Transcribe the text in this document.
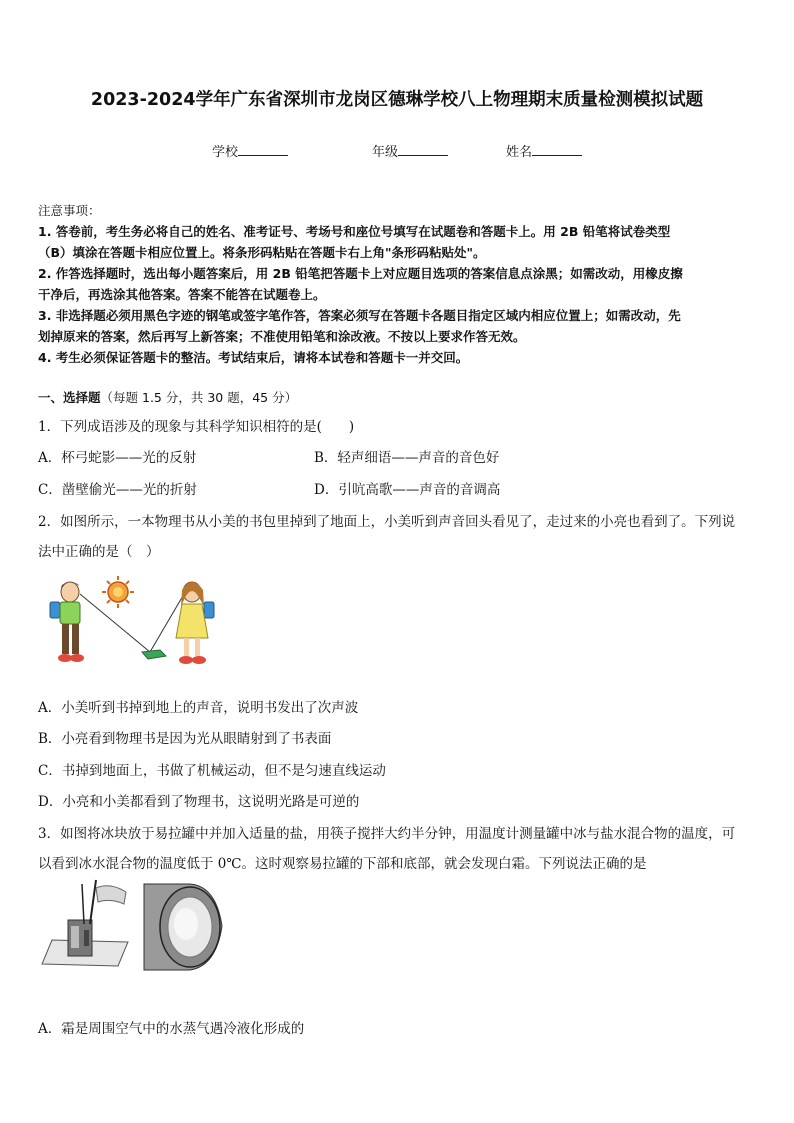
2023-2024学年广东省深圳市龙岗区德琳学校八上物理期末质量检测模拟试题
学校	年级	姓名
注意事项：
1. 答卷前，考生务必将自己的姓名、准考证号、考场号和座位号填写在试题卷和答题卡上。用 2B 铅笔将试卷类型
（B）填涂在答题卡相应位置上。将条形码粘贴在答题卡右上角"条形码粘贴处"。
2. 作答选择题时，选出每小题答案后，用 2B 铅笔把答题卡上对应题目选项的答案信息点涂黑；如需改动，用橡皮擦
干净后，再选涂其他答案。答案不能答在试题卷上。
3. 非选择题必须用黑色字迹的钢笔或签字笔作答，答案必须写在答题卡各题目指定区域内相应位置上；如需改动，先
划掉原来的答案，然后再写上新答案；不准使用铅笔和涂改液。不按以上要求作答无效。
4. 考生必须保证答题卡的整洁。考试结束后，请将本试卷和答题卡一并交回。
一、选择题（每题 1.5 分，共 30 题，45 分）
1．下列成语涉及的现象与其科学知识相符的是(　　)
A．杯弓蛇影——光的反射	B．轻声细语——声音的音色好
C．凿壁偷光——光的折射	D．引吭高歌——声音的音调高
2．如图所示，一本物理书从小美的书包里掉到了地面上，小美听到声音回头看见了，走过来的小亮也看到了。下列说
法中正确的是（　）
A．小美听到书掉到地上的声音，说明书发出了次声波
B．小亮看到物理书是因为光从眼睛射到了书表面
C．书掉到地面上，书做了机械运动，但不是匀速直线运动
D．小亮和小美都看到了物理书，这说明光路是可逆的
3．如图将冰块放于易拉罐中并加入适量的盐，用筷子搅拌大约半分钟，用温度计测量罐中冰与盐水混合物的温度，可
以看到冰水混合物的温度低于 0℃。这时观察易拉罐的下部和底部，就会发现白霜。下列说法正确的是
A．霜是周围空气中的水蒸气遇冷液化形成的
